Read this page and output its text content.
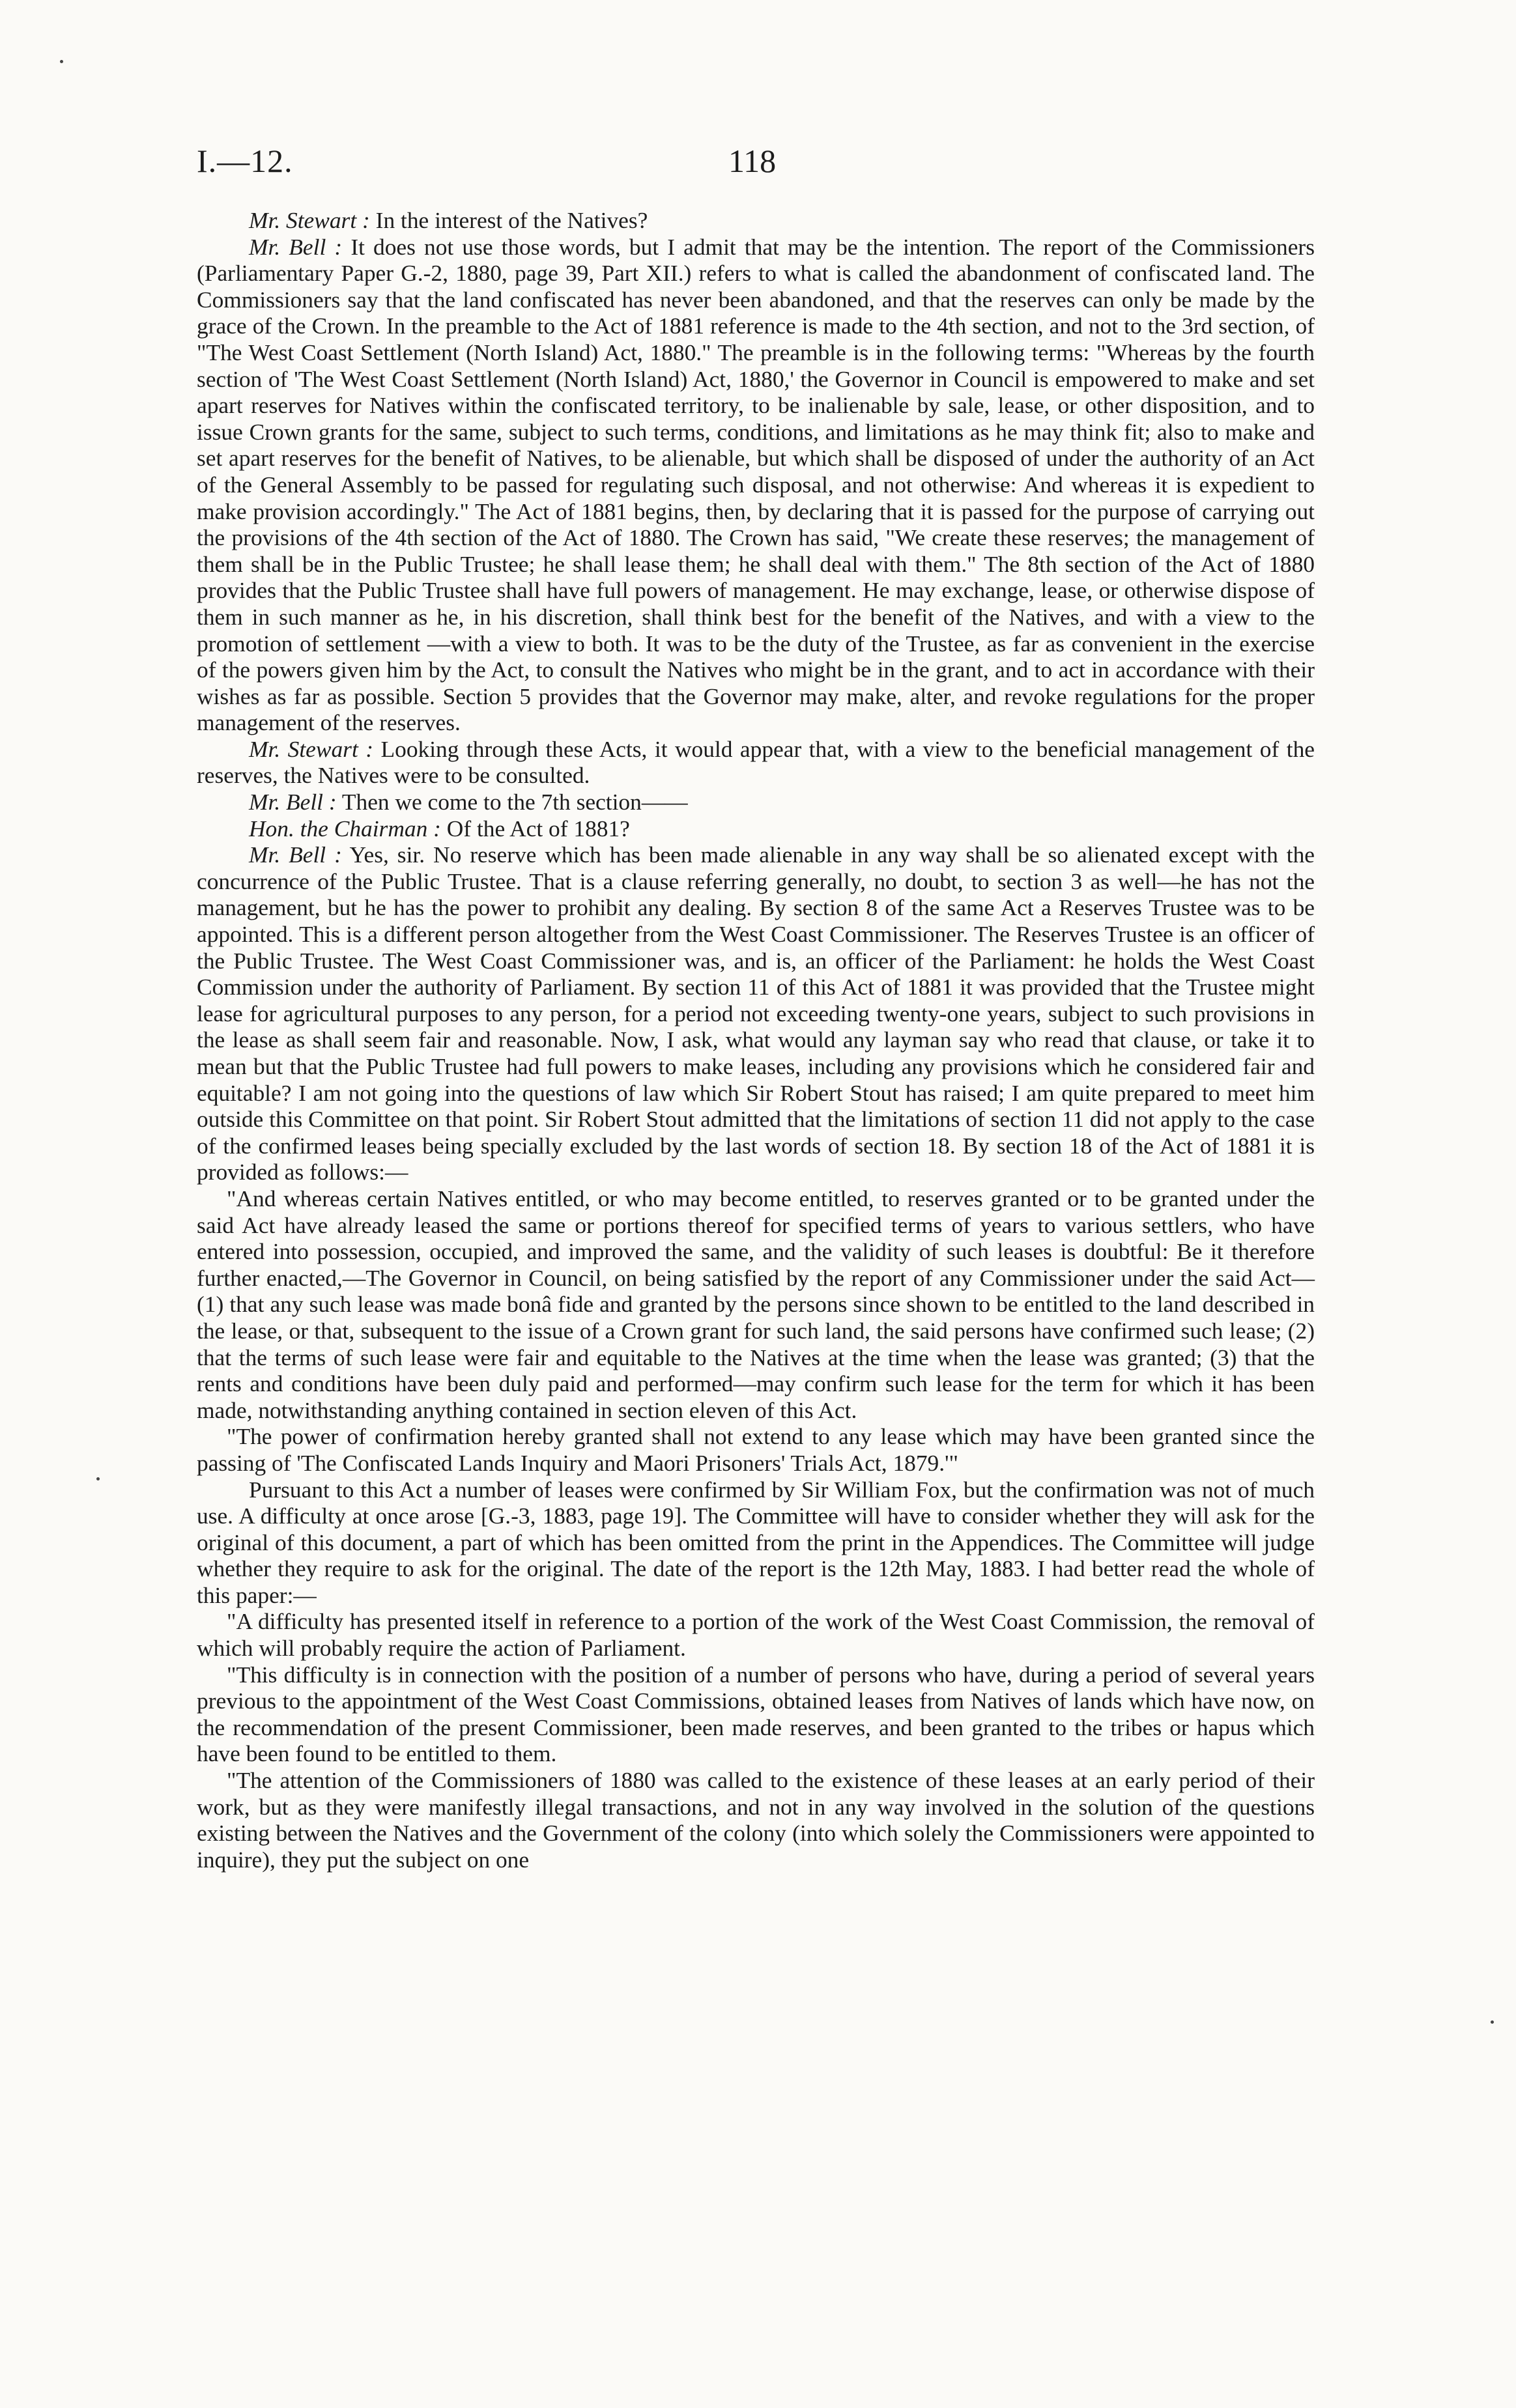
I.—12.	118

Mr. Stewart : In the interest of the Natives?

Mr. Bell : It does not use those words, but I admit that may be the intention. The report of the Commissioners (Parliamentary Paper G.-2, 1880, page 39, Part XII.) refers to what is called the abandonment of confiscated land. The Commissioners say that the land confiscated has never been abandoned, and that the reserves can only be made by the grace of the Crown. In the preamble to the Act of 1881 reference is made to the 4th section, and not to the 3rd section, of "The West Coast Settlement (North Island) Act, 1880." The preamble is in the following terms: "Whereas by the fourth section of 'The West Coast Settlement (North Island) Act, 1880,' the Governor in Council is empowered to make and set apart reserves for Natives within the confiscated territory, to be inalienable by sale, lease, or other disposition, and to issue Crown grants for the same, subject to such terms, conditions, and limitations as he may think fit; also to make and set apart reserves for the benefit of Natives, to be alienable, but which shall be disposed of under the authority of an Act of the General Assembly to be passed for regulating such disposal, and not otherwise: And whereas it is expedient to make provision accordingly." The Act of 1881 begins, then, by declaring that it is passed for the purpose of carrying out the provisions of the 4th section of the Act of 1880. The Crown has said, "We create these reserves; the management of them shall be in the Public Trustee; he shall lease them; he shall deal with them." The 8th section of the Act of 1880 provides that the Public Trustee shall have full powers of management. He may exchange, lease, or otherwise dispose of them in such manner as he, in his discretion, shall think best for the benefit of the Natives, and with a view to the promotion of settlement —with a view to both. It was to be the duty of the Trustee, as far as convenient in the exercise of the powers given him by the Act, to consult the Natives who might be in the grant, and to act in accordance with their wishes as far as possible. Section 5 provides that the Governor may make, alter, and revoke regulations for the proper management of the reserves.

Mr. Stewart : Looking through these Acts, it would appear that, with a view to the beneficial management of the reserves, the Natives were to be consulted.

Mr. Bell : Then we come to the 7th section——

Hon. the Chairman : Of the Act of 1881?

Mr. Bell : Yes, sir. No reserve which has been made alienable in any way shall be so alienated except with the concurrence of the Public Trustee. That is a clause referring generally, no doubt, to section 3 as well—he has not the management, but he has the power to prohibit any dealing. By section 8 of the same Act a Reserves Trustee was to be appointed. This is a different person altogether from the West Coast Commissioner. The Reserves Trustee is an officer of the Public Trustee. The West Coast Commissioner was, and is, an officer of the Parliament: he holds the West Coast Commission under the authority of Parliament. By section 11 of this Act of 1881 it was provided that the Trustee might lease for agricultural purposes to any person, for a period not exceeding twenty-one years, subject to such provisions in the lease as shall seem fair and reasonable. Now, I ask, what would any layman say who read that clause, or take it to mean but that the Public Trustee had full powers to make leases, including any provisions which he considered fair and equitable? I am not going into the questions of law which Sir Robert Stout has raised; I am quite prepared to meet him outside this Committee on that point. Sir Robert Stout admitted that the limitations of section 11 did not apply to the case of the confirmed leases being specially excluded by the last words of section 18. By section 18 of the Act of 1881 it is provided as follows:—

"And whereas certain Natives entitled, or who may become entitled, to reserves granted or to be granted under the said Act have already leased the same or portions thereof for specified terms of years to various settlers, who have entered into possession, occupied, and improved the same, and the validity of such leases is doubtful: Be it therefore further enacted,—The Governor in Council, on being satisfied by the report of any Commissioner under the said Act—(1) that any such lease was made bonâ fide and granted by the persons since shown to be entitled to the land described in the lease, or that, subsequent to the issue of a Crown grant for such land, the said persons have confirmed such lease; (2) that the terms of such lease were fair and equitable to the Natives at the time when the lease was granted; (3) that the rents and conditions have been duly paid and performed—may confirm such lease for the term for which it has been made, notwithstanding anything contained in section eleven of this Act.

"The power of confirmation hereby granted shall not extend to any lease which may have been granted since the passing of 'The Confiscated Lands Inquiry and Maori Prisoners' Trials Act, 1879.'"

Pursuant to this Act a number of leases were confirmed by Sir William Fox, but the confirmation was not of much use. A difficulty at once arose [G.-3, 1883, page 19]. The Committee will have to consider whether they will ask for the original of this document, a part of which has been omitted from the print in the Appendices. The Committee will judge whether they require to ask for the original. The date of the report is the 12th May, 1883. I had better read the whole of this paper:—

"A difficulty has presented itself in reference to a portion of the work of the West Coast Commission, the removal of which will probably require the action of Parliament.

"This difficulty is in connection with the position of a number of persons who have, during a period of several years previous to the appointment of the West Coast Commissions, obtained leases from Natives of lands which have now, on the recommendation of the present Commissioner, been made reserves, and been granted to the tribes or hapus which have been found to be entitled to them.

"The attention of the Commissioners of 1880 was called to the existence of these leases at an early period of their work, but as they were manifestly illegal transactions, and not in any way involved in the solution of the questions existing between the Natives and the Government of the colony (into which solely the Commissioners were appointed to inquire), they put the subject on one
